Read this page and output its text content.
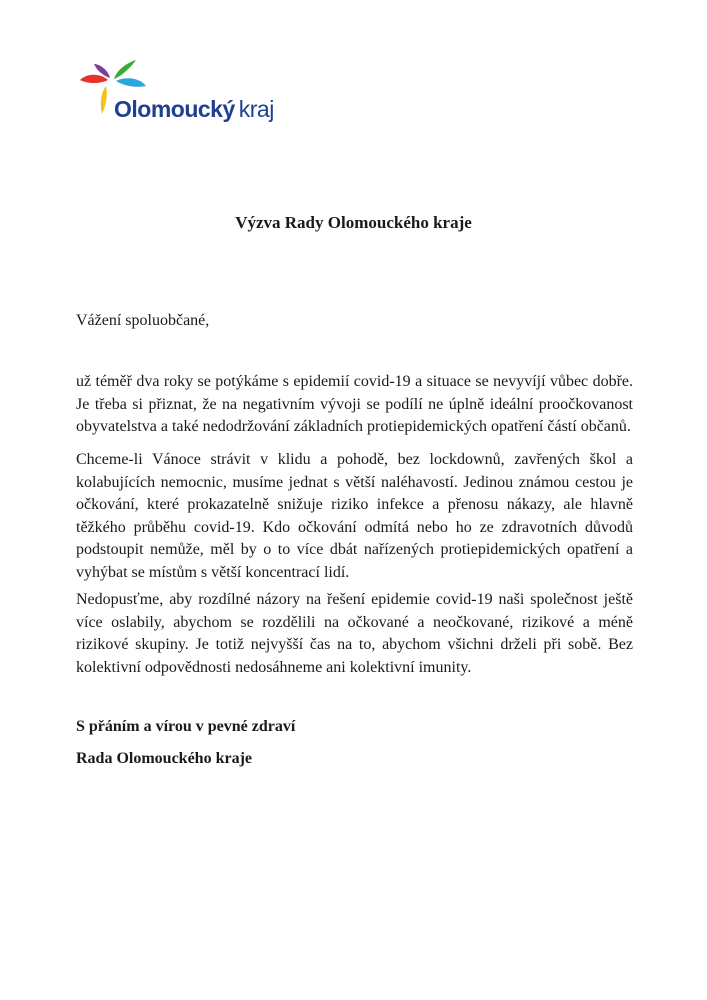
Olomoucký kraj
Výzva Rady Olomouckého kraje
Vážení spoluobčané,
už téměř dva roky se potýkáme s epidemií covid-19 a situace se nevyvíjí vůbec dobře. Je třeba si přiznat, že na negativním vývoji se podílí ne úplně ideální proočkovanost obyvatelstva a také nedodržování základních protiepidemických opatření částí občanů.
Chceme-li Vánoce strávit v klidu a pohodě, bez lockdownů, zavřených škol a kolabujících nemocnic, musíme jednat s větší naléhavostí. Jedinou známou cestou je očkování, které prokazatelně snižuje riziko infekce a přenosu nákazy, ale hlavně těžkého průběhu covid-19. Kdo očkování odmítá nebo ho ze zdravotních důvodů podstoupit nemůže, měl by o to více dbát nařízených protiepidemických opatření a vyhýbat se místům s větší koncentrací lidí.
Nedopusťme, aby rozdílné názory na řešení epidemie covid-19 naši společnost ještě více oslabily, abychom se rozdělili na očkované a neočkované, rizikové a méně rizikové skupiny. Je totiž nejvyšší čas na to, abychom všichni drželi při sobě. Bez kolektivní odpovědnosti nedosáhneme ani kolektivní imunity.
S přáním a vírou v pevné zdraví
Rada Olomouckého kraje
